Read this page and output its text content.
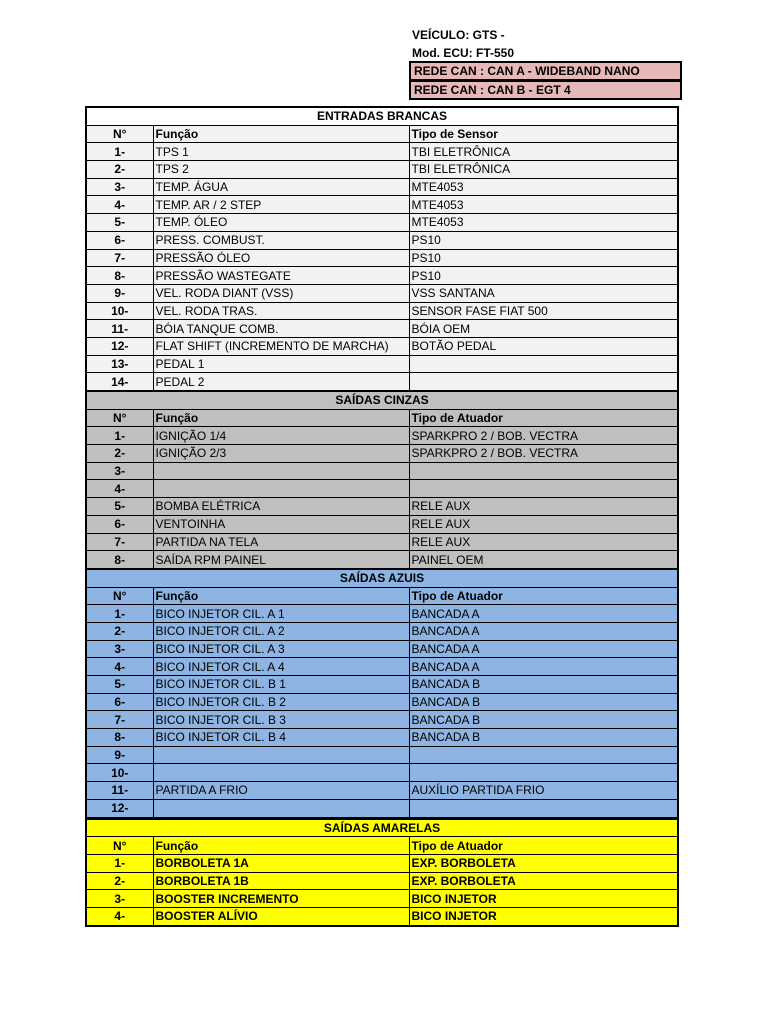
VEÍCULO: GTS -
Mod. ECU: FT-550
REDE CAN : CAN A - WIDEBAND NANO
REDE CAN : CAN B - EGT 4
ENTRADAS BRANCAS		
N°	Função	Tipo de Sensor
1-	TPS 1	TBI ELETRÔNICA
2-	TPS 2	TBI ELETRÔNICA
3-	TEMP. ÁGUA	MTE4053
4-	TEMP. AR / 2 STEP	MTE4053
5-	TEMP. ÓLEO	MTE4053
6-	PRESS. COMBUST.	PS10
7-	PRESSÃO ÓLEO	PS10
8-	PRESSÃO WASTEGATE	PS10
9-	VEL. RODA DIANT (VSS)	VSS SANTANA
10-	VEL. RODA TRAS.	SENSOR FASE FIAT 500
11-	BÓIA TANQUE COMB.	BÓIA OEM
12-	FLAT SHIFT (INCREMENTO DE MARCHA)	BOTÃO PEDAL
13-	PEDAL 1	
14-	PEDAL 2	
SAÍDAS CINZAS		
N°	Função	Tipo de Atuador
1-	IGNIÇÃO 1/4	SPARKPRO 2 / BOB. VECTRA
2-	IGNIÇÃO 2/3	SPARKPRO 2 / BOB. VECTRA
3-		
4-		
5-	BOMBA ELÉTRICA	RELE AUX
6-	VENTOINHA	RELE AUX
7-	PARTIDA NA TELA	RELE AUX
8-	SAÍDA RPM PAINEL	PAINEL OEM
SAÍDAS AZUIS		
N°	Função	Tipo de Atuador
1-	BICO INJETOR CIL. A 1	BANCADA A
2-	BICO INJETOR CIL. A 2	BANCADA A
3-	BICO INJETOR CIL. A 3	BANCADA A
4-	BICO INJETOR CIL. A 4	BANCADA A
5-	BICO INJETOR CIL. B 1	BANCADA B
6-	BICO INJETOR CIL. B 2	BANCADA B
7-	BICO INJETOR CIL. B 3	BANCADA B
8-	BICO INJETOR CIL. B 4	BANCADA B
9-		
10-		
11-	PARTIDA A FRIO	AUXÍLIO PARTIDA FRIO
12-		
SAÍDAS AMARELAS		
N°	Função	Tipo de Atuador
1-	BORBOLETA 1A	EXP. BORBOLETA
2-	BORBOLETA 1B	EXP. BORBOLETA
3-	BOOSTER INCREMENTO	BICO INJETOR
4-	BOOSTER ALÍVIO	BICO INJETOR
